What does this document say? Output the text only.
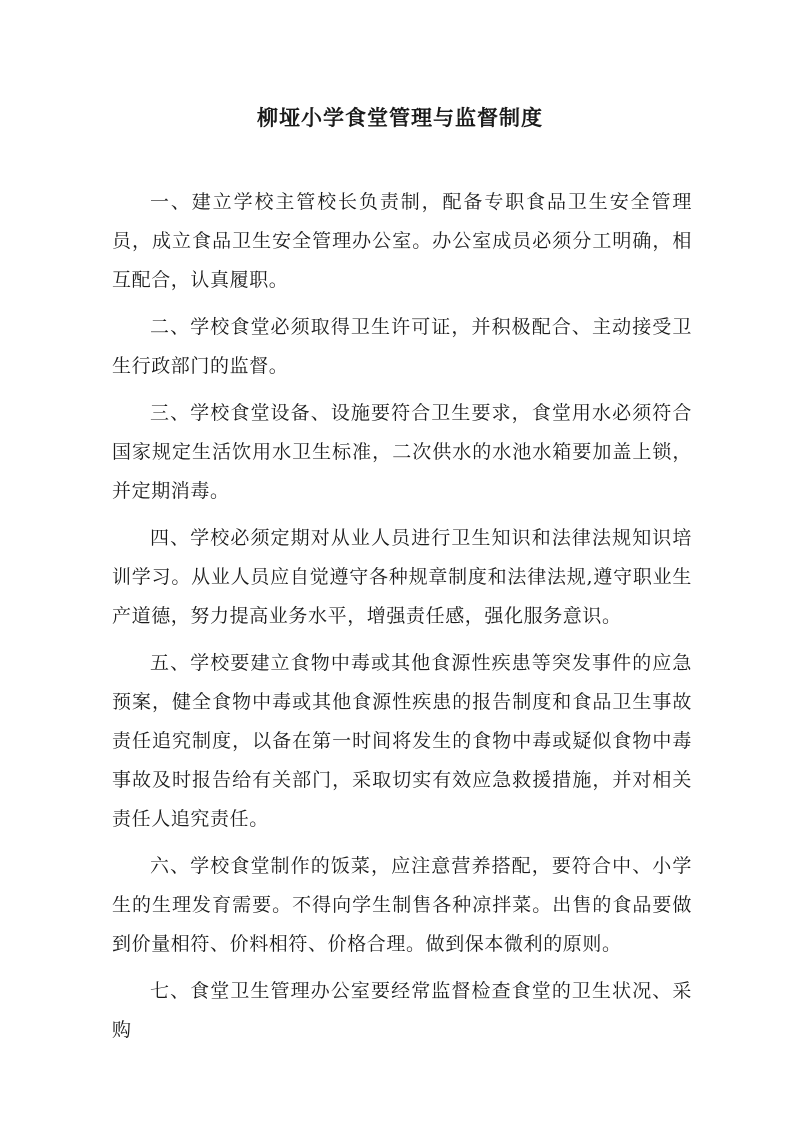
柳垭小学食堂管理与监督制度

一、建立学校主管校长负责制，配备专职食品卫生安全管理员，成立食品卫生安全管理办公室。办公室成员必须分工明确，相互配合，认真履职。

二、学校食堂必须取得卫生许可证，并积极配合、主动接受卫生行政部门的监督。

三、学校食堂设备、设施要符合卫生要求，食堂用水必须符合国家规定生活饮用水卫生标准，二次供水的水池水箱要加盖上锁，并定期消毒。

四、学校必须定期对从业人员进行卫生知识和法律法规知识培训学习。从业人员应自觉遵守各种规章制度和法律法规,遵守职业生产道德，努力提高业务水平，增强责任感，强化服务意识。

五、学校要建立食物中毒或其他食源性疾患等突发事件的应急预案，健全食物中毒或其他食源性疾患的报告制度和食品卫生事故责任追究制度，以备在第一时间将发生的食物中毒或疑似食物中毒事故及时报告给有关部门，采取切实有效应急救援措施，并对相关责任人追究责任。

六、学校食堂制作的饭菜，应注意营养搭配，要符合中、小学生的生理发育需要。不得向学生制售各种凉拌菜。出售的食品要做到价量相符、价料相符、价格合理。做到保本微利的原则。

七、食堂卫生管理办公室要经常监督检查食堂的卫生状况、采购
